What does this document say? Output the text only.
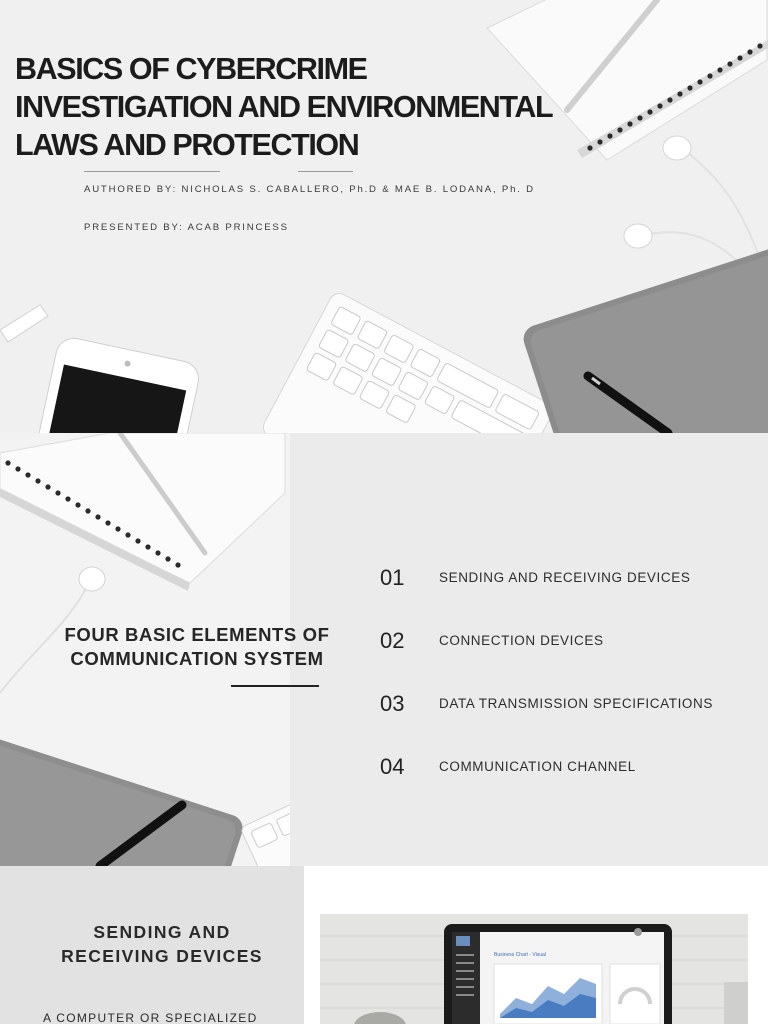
BASICS OF CYBERCRIME
INVESTIGATION AND ENVIRONMENTAL
LAWS AND PROTECTION

AUTHORED BY: NICHOLAS S. CABALLERO, Ph.D & MAE B. LODANA, Ph. D

PRESENTED BY: ACAB PRINCESS

FOUR BASIC ELEMENTS OF
COMMUNICATION SYSTEM
01	SENDING AND RECEIVING DEVICES
02	CONNECTION DEVICES
03	DATA TRANSMISSION SPECIFICATIONS
04	COMMUNICATION CHANNEL
SENDING AND
RECEIVING DEVICES

A COMPUTER OR SPECIALIZED

Business Chart - Visual
